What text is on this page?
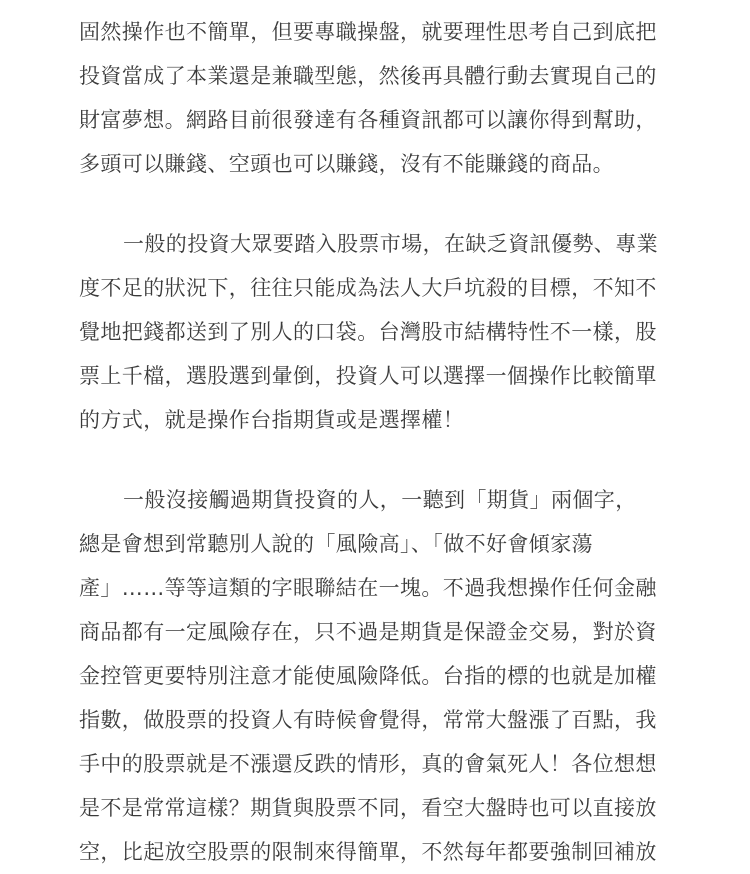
固然操作也不簡單，但要專職操盤，就要理性思考自己到底把
投資當成了本業還是兼職型態，然後再具體行動去實現自己的
財富夢想。網路目前很發達有各種資訊都可以讓你得到幫助，
多頭可以賺錢、空頭也可以賺錢，沒有不能賺錢的商品。
一般的投資大眾要踏入股票市場，在缺乏資訊優勢、專業
度不足的狀況下，往往只能成為法人大戶坑殺的目標，不知不
覺地把錢都送到了別人的口袋。台灣股市結構特性不一樣，股
票上千檔，選股選到暈倒，投資人可以選擇一個操作比較簡單
的方式，就是操作台指期貨或是選擇權！
一般沒接觸過期貨投資的人，一聽到「期貨」兩個字，
總是會想到常聽別人說的「風險高」、「做不好會傾家蕩
產」……等等這類的字眼聯結在一塊。不過我想操作任何金融
商品都有一定風險存在，只不過是期貨是保證金交易，對於資
金控管更要特別注意才能使風險降低。台指的標的也就是加權
指數，做股票的投資人有時候會覺得，常常大盤漲了百點，我
手中的股票就是不漲還反跌的情形，真的會氣死人！各位想想
是不是常常這樣？期貨與股票不同，看空大盤時也可以直接放
空，比起放空股票的限制來得簡單，不然每年都要強制回補放
